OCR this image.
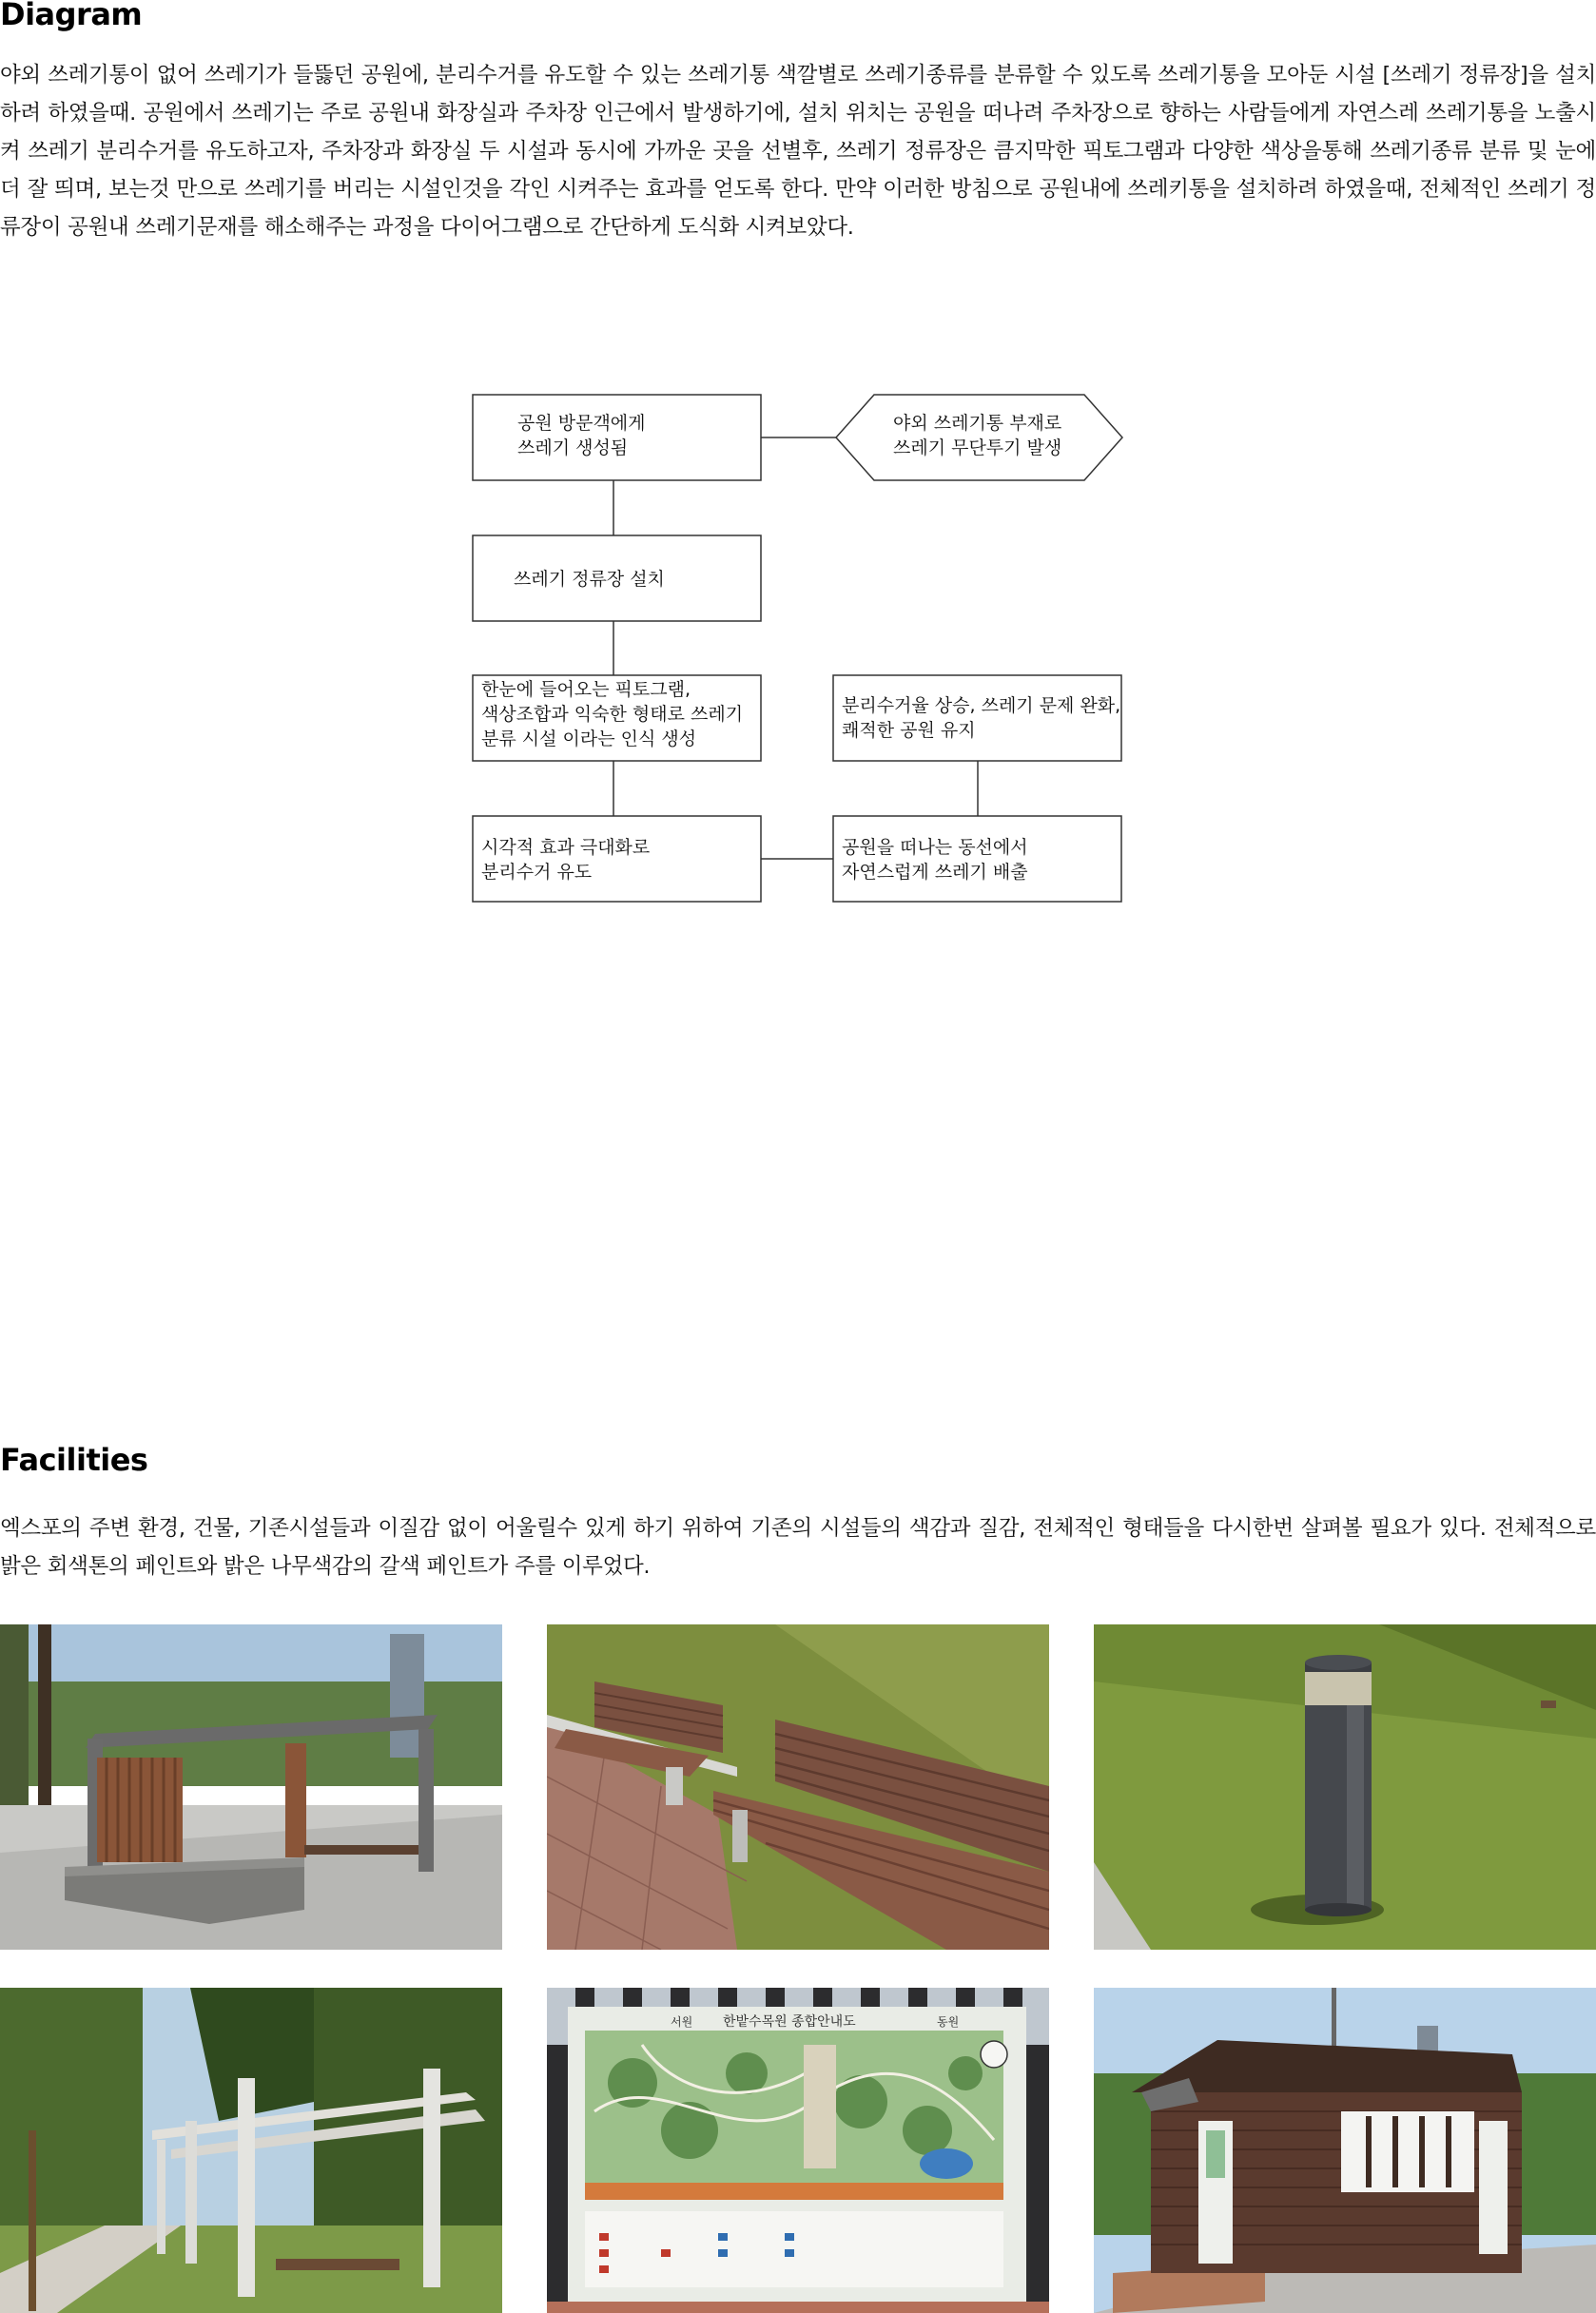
Diagram

야외 쓰레기통이 없어 쓰레기가 들뜷던 공원에, 분리수거를 유도할 수 있는 쓰레기통 색깔별로 쓰레기종류를 분류할 수 있도록 쓰레기통을 모아둔 시설 [쓰레기 정류장]을 설치하려 하였을때. 공원에서 쓰레기는 주로 공원내 화장실과 주차장 인근에서 발생하기에, 설치 위치는 공원을 떠나려 주차장으로 향하는 사람들에게 자연스레 쓰레기통을 노출시켜 쓰레기 분리수거를 유도하고자, 주차장과 화장실 두 시설과 동시에 가까운 곳을 선별후, 쓰레기 정류장은 큼지막한 픽토그램과 다양한 색상을통해 쓰레기종류 분류 및 눈에 더 잘 띄며, 보는것 만으로 쓰레기를 버리는 시설인것을 각인 시켜주는 효과를 얻도록 한다. 만약 이러한 방침으로 공원내에 쓰레키통을 설치하려 하였을때, 전체적인 쓰레기 정류장이 공원내 쓰레기문재를 해소해주는 과정을 다이어그램으로 간단하게 도식화 시켜보았다.

공원 방문객에게
쓰레기 생성됨
야외 쓰레기통 부재로
쓰레기 무단투기 발생
쓰레기 정류장 설치
한눈에 들어오는 픽토그램,
색상조합과 익숙한 형태로 쓰레기
분류 시설 이라는 인식 생성
분리수거율 상승, 쓰레기 문제 완화,
쾌적한 공원 유지
시각적 효과 극대화로
분리수거 유도
공원을 떠나는 동선에서
자연스럽게 쓰레기 배출
Facilities

엑스포의 주변 환경, 건물, 기존시설들과 이질감 없이 어울릴수 있게 하기 위하여 기존의 시설들의 색감과 질감, 전체적인 형태들을 다시한번 살펴볼 필요가 있다. 전체적으로 밝은 회색톤의 페인트와 밝은 나무색감의 갈색 페인트가 주를 이루었다.

한밭수목원 종합안내도
서원	동원
